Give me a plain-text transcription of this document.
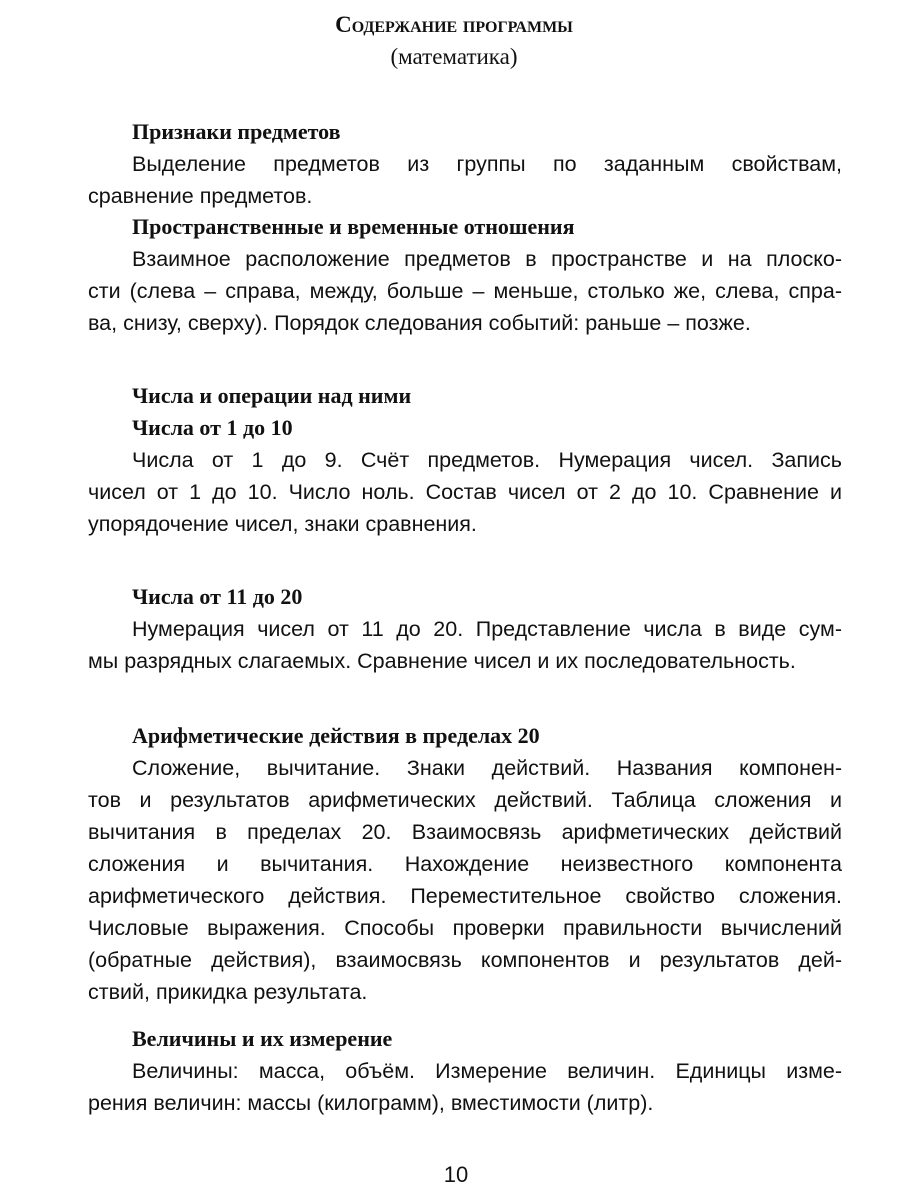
Содержание программы
(математика)
Признаки предметов
Выделение предметов из группы по заданным свойствам,
сравнение предметов.
Пространственные и временные отношения
Взаимное расположение предметов в пространстве и на плоско-
сти (слева – справа, между, больше – меньше, столько же, слева, спра-
ва, снизу, сверху). Порядок следования событий: раньше – позже.
Числа и операции над ними
Числа от 1 до 10
Числа от 1 до 9. Счёт предметов. Нумерация чисел. Запись
чисел от 1 до 10. Число ноль. Состав чисел от 2 до 10. Сравнение и
упорядочение чисел, знаки сравнения.
Числа от 11 до 20
Нумерация чисел от 11 до 20. Представление числа в виде сум-
мы разрядных слагаемых. Сравнение чисел и их последовательность.
Арифметические действия в пределах 20
Сложение, вычитание. Знаки действий. Названия компонен-
тов и результатов арифметических действий. Таблица сложения и
вычитания в пределах 20. Взаимосвязь арифметических действий
сложения и вычитания. Нахождение неизвестного компонента
арифметического действия. Переместительное свойство сложения.
Числовые выражения. Способы проверки правильности вычислений
(обратные действия), взаимосвязь компонентов и результатов дей-
ствий, прикидка результата.
Величины и их измерение
Величины: масса, объём. Измерение величин. Единицы изме-
рения величин: массы (килограмм), вместимости (литр).
10
